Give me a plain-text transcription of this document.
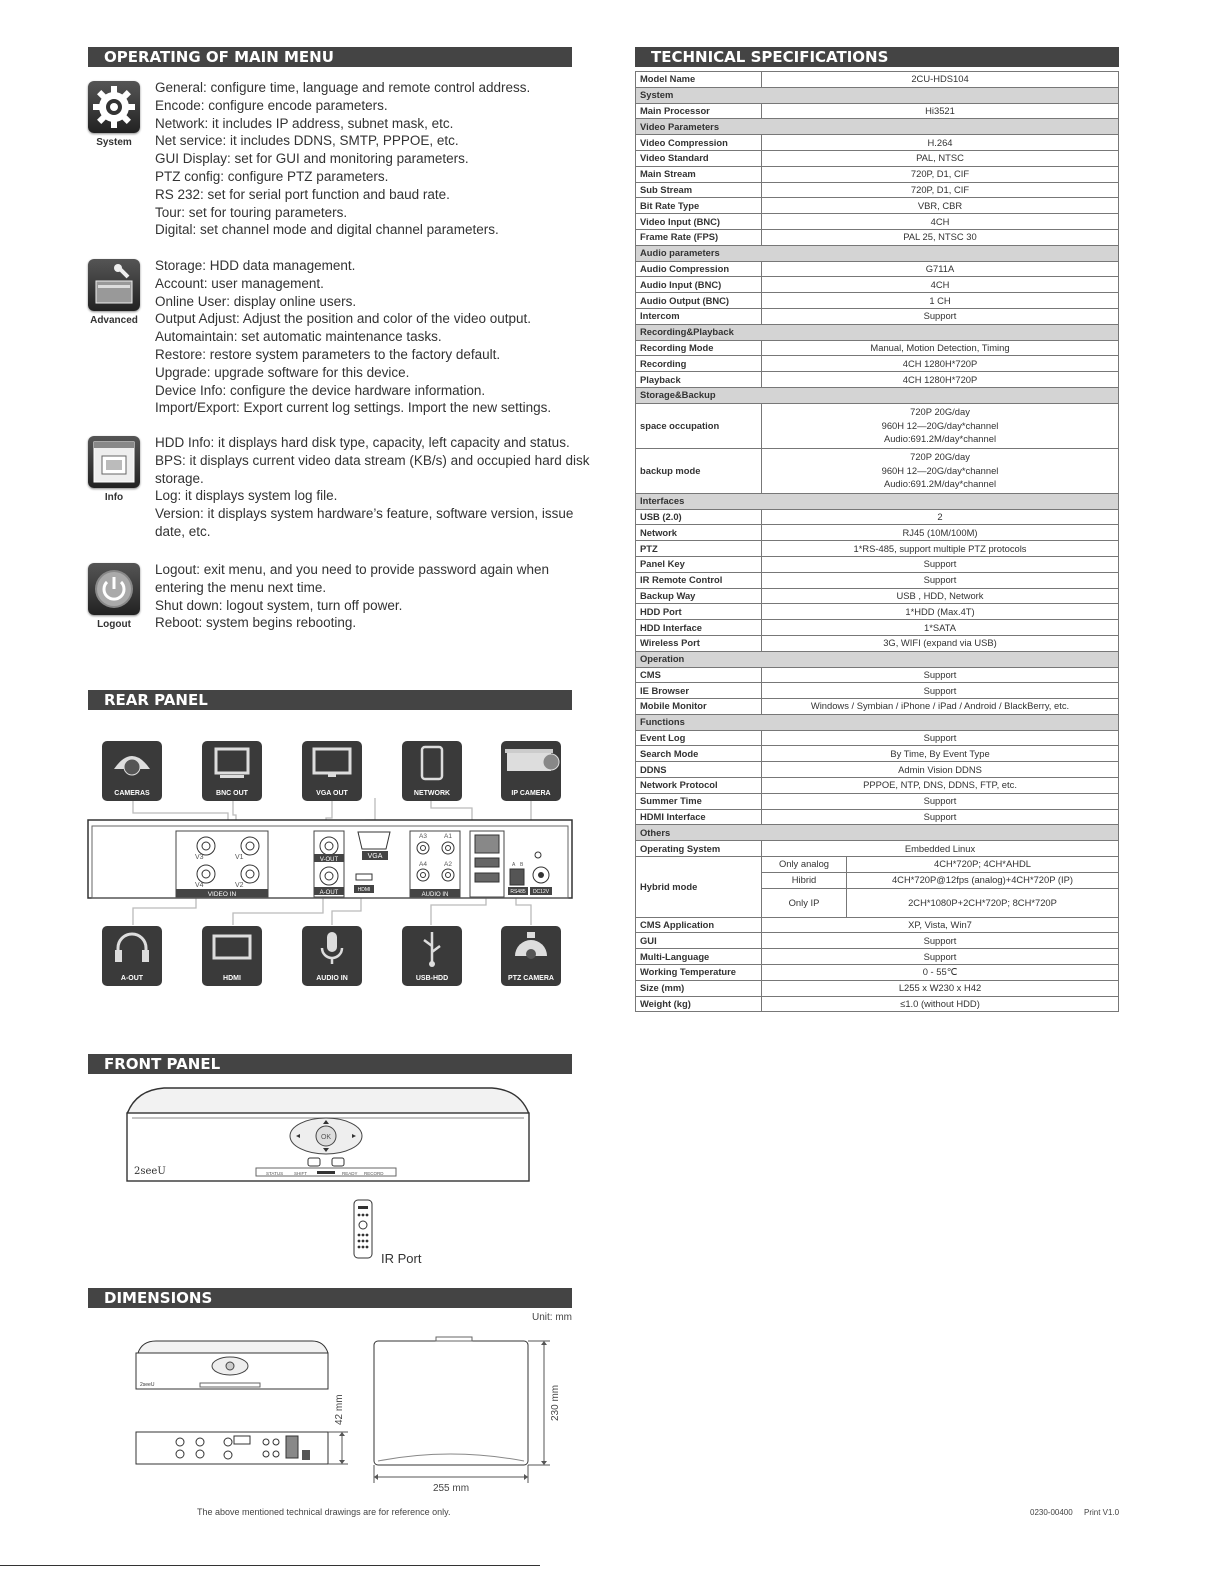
OPERATING OF MAIN MENU
System
General: configure time, language and remote control address.
Encode: configure encode parameters.
Network: it includes IP address, subnet mask, etc.
Net service: it includes DDNS, SMTP, PPPOE, etc.
GUI Display: set for GUI and monitoring parameters.
PTZ config: configure PTZ parameters.
RS 232: set for serial port function and baud rate.
Tour: set for touring parameters.
Digital: set channel mode and digital channel parameters.
Advanced
Storage: HDD data management.
Account: user management.
Online User: display online users.
Output Adjust: Adjust the position and color of the video output.
Automaintain: set automatic maintenance tasks.
Restore: restore system parameters to the factory default.
Upgrade: upgrade software for this device.
Device Info: configure the device hardware information.
Import/Export: Export current log settings. Import the new settings.
Info
HDD Info: it displays hard disk type, capacity, left capacity and status.
BPS: it displays current video data stream (KB/s) and occupied hard disk
storage.
Log: it displays system log file.
Version: it displays system hardware’s feature, software version, issue
date, etc.
Logout
Logout: exit menu, and you need to provide password again when
entering the menu next time.
Shut down: logout system, turn off power.
Reboot: system begins rebooting.
REAR PANEL
V3	V1
V4	V2
VIDEO IN
V-OUT
A-OUT
VGA
HDMI
A3	A1
A4	A2
AUDIO IN	RS485
A B
DC12V
CAMERAS	BNC OUT	VGA OUT	NETWORK	IP CAMERA
A-OUT	HDMI	AUDIO IN	USB-HDD	PTZ CAMERA
FRONT PANEL
OK
2seeU	STATUS SHIFT	READY RECORD
IR Port
DIMENSIONS
Unit: mm
2seeU
42 mm	230 mm
255 mm
The above mentioned technical drawings are for reference only.
TECHNICAL SPECIFICATIONS
Model Name	2CU-HDS104	
System		
Main Processor	Hi3521	
Video Parameters		
Video Compression	H.264	
Video Standard	PAL, NTSC	
Main Stream	720P, D1, CIF	
Sub Stream	720P, D1, CIF	
Bit Rate Type	VBR, CBR	
Video Input (BNC)	4CH	
Frame Rate (FPS)	PAL 25, NTSC 30	
Audio parameters		
Audio Compression	G711A	
Audio Input (BNC)	4CH	
Audio Output (BNC)	1 CH	
Intercom	Support	
Recording&Playback		
Recording Mode	Manual, Motion Detection, Timing	
Recording	4CH 1280H*720P	
Playback	4CH 1280H*720P	
Storage&Backup		
space occupation	720P 20G/day
960H 12—20G/day*channel
Audio:691.2M/day*channel	

backup mode	720P 20G/day
960H 12—20G/day*channel
Audio:691.2M/day*channel	

Interfaces		
USB (2.0)	2	
Network	RJ45 (10M/100M)	
PTZ	1*RS-485, support multiple PTZ protocols	
Panel Key	Support	
IR Remote Control	Support	
Backup Way	USB , HDD, Network	
HDD Port	1*HDD (Max.4T)	
HDD Interface	1*SATA	
Wireless Port	3G, WIFI (expand via USB)	
Operation		
CMS	Support	
IE Browser	Support	
Mobile Monitor	Windows / Symbian / iPhone / iPad / Android / BlackBerry, etc.	
Functions		
Event Log	Support	
Search Mode	By Time, By Event Type	
DDNS	Admin Vision DDNS	
Network Protocol	PPPOE, NTP, DNS, DDNS, FTP, etc.	
Summer Time	Support	
HDMI Interface	Support	
Others		
Operating System	Embedded Linux	
Hybrid mode	Only analog	4CH*720P; 4CH*AHDL
	Hibrid	4CH*720P@12fps (analog)+4CH*720P (IP)
	Only IP	2CH*1080P+2CH*720P; 8CH*720P
CMS Application	XP, Vista, Win7	
GUI	Support	
Multi-Language	Support	
Working Temperature	0 - 55℃	
Size (mm)	L255 x W230 x H42	
Weight (kg)	≤1.0 (without HDD)	
0230-00400 Print V1.0
